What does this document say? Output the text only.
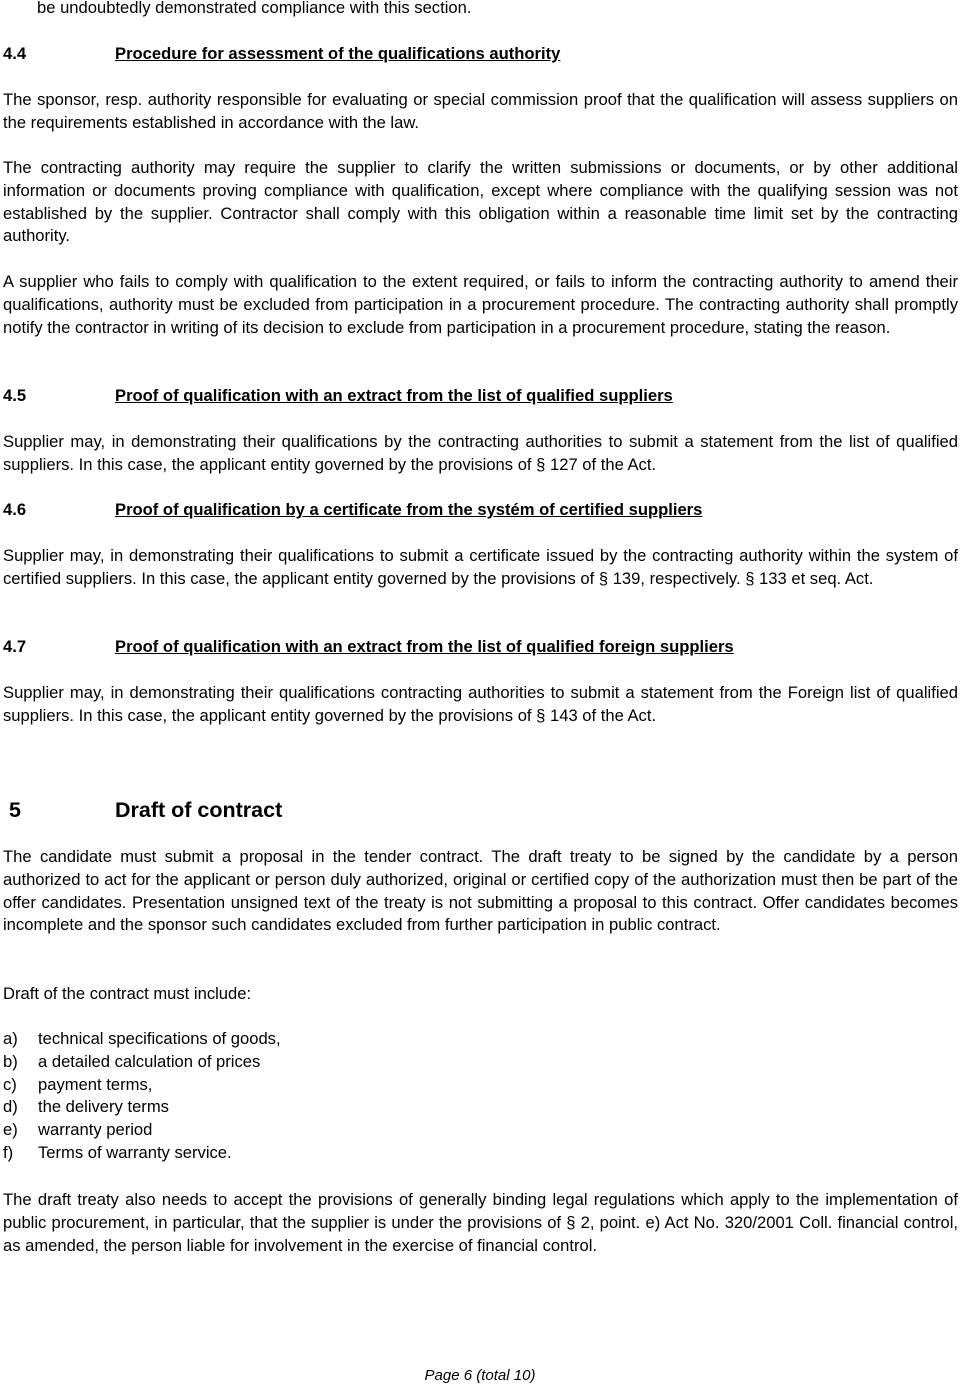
be undoubtedly demonstrated compliance with this section.

4.4	Procedure for assessment of the qualifications authority

The sponsor, resp. authority responsible for evaluating or special commission proof that the qualification will assess suppliers on the requirements established in accordance with the law.

The contracting authority may require the supplier to clarify the written submissions or documents, or by other additional information or documents proving compliance with qualification, except where compliance with the qualifying session was not established by the supplier. Contractor shall comply with this obligation within a reasonable time limit set by the contracting authority.

A supplier who fails to comply with qualification to the extent required, or fails to inform the contracting authority to amend their qualifications, authority must be excluded from participation in a procurement procedure. The contracting authority shall promptly notify the contractor in writing of its decision to exclude from participation in a procurement procedure, stating the reason.

4.5	Proof of qualification with an extract from the list of qualified suppliers

Supplier may, in demonstrating their qualifications by the contracting authorities to submit a statement from the list of qualified suppliers. In this case, the applicant entity governed by the provisions of § 127 of the Act.

4.6	Proof of qualification by a certificate from the systém of certified suppliers

Supplier may, in demonstrating their qualifications to submit a certificate issued by the contracting authority within the system of certified suppliers. In this case, the applicant entity governed by the provisions of § 139, respectively. § 133 et seq. Act.

4.7	Proof of qualification with an extract from the list of qualified foreign suppliers

Supplier may, in demonstrating their qualifications contracting authorities to submit a statement from the Foreign list of qualified suppliers. In this case, the applicant entity governed by the provisions of § 143 of the Act.

5	Draft of contract

The candidate must submit a proposal in the tender contract. The draft treaty to be signed by the candidate by a person authorized to act for the applicant or person duly authorized, original or certified copy of the authorization must then be part of the offer candidates. Presentation unsigned text of the treaty is not submitting a proposal to this contract. Offer candidates becomes incomplete and the sponsor such candidates excluded from further participation in public contract.

Draft of the contract must include:

a)	technical specifications of goods,
b)	a detailed calculation of prices
c)	payment terms,
d)	the delivery terms
e)	warranty period
f)	Terms of warranty service.

The draft treaty also needs to accept the provisions of generally binding legal regulations which apply to the implementation of public procurement, in particular, that the supplier is under the provisions of § 2, point. e) Act No. 320/2001 Coll. financial control, as amended, the person liable for involvement in the exercise of financial control.

Page 6 (total 10)
